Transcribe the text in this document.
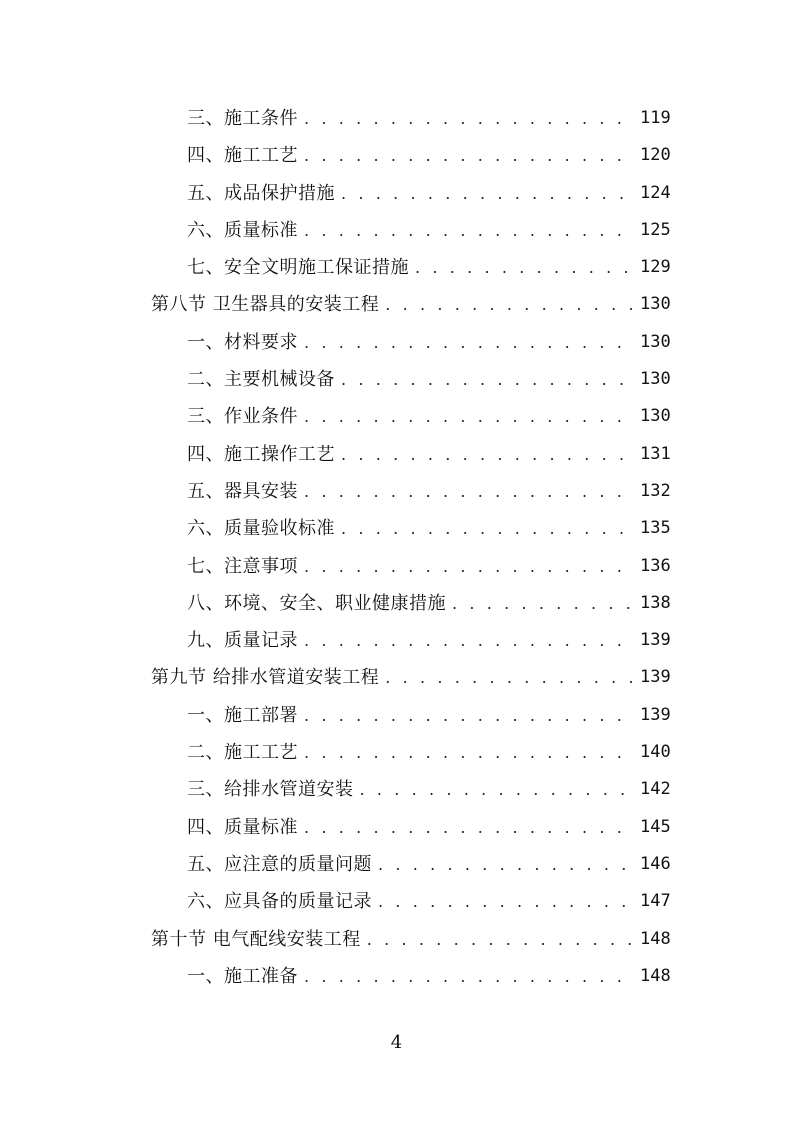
三、施工条件 . . .	119
四、施工工艺 . . .	120
五、成品保护措施 . . .	124
六、质量标准 . . .	125
七、安全文明施工保证措施 . . .	129
第八节 卫生器具的安装工程 . . .	130
一、材料要求 . . .	130
二、主要机械设备 . . .	130
三、作业条件 . . .	130
四、施工操作工艺 . . .	131
五、器具安装 . . .	132
六、质量验收标准 . . .	135
七、注意事项 . . .	136
八、环境、安全、职业健康措施 . . .	138
九、质量记录 . . .	139
第九节 给排水管道安装工程 . . .	139
一、施工部署 . . .	139
二、施工工艺 . . .	140
三、给排水管道安装 . . .	142
四、质量标准 . . .	145
五、应注意的质量问题 . . .	146
六、应具备的质量记录 . . .	147
第十节 电气配线安装工程 . . .	148
一、施工准备 . . .	148
4
